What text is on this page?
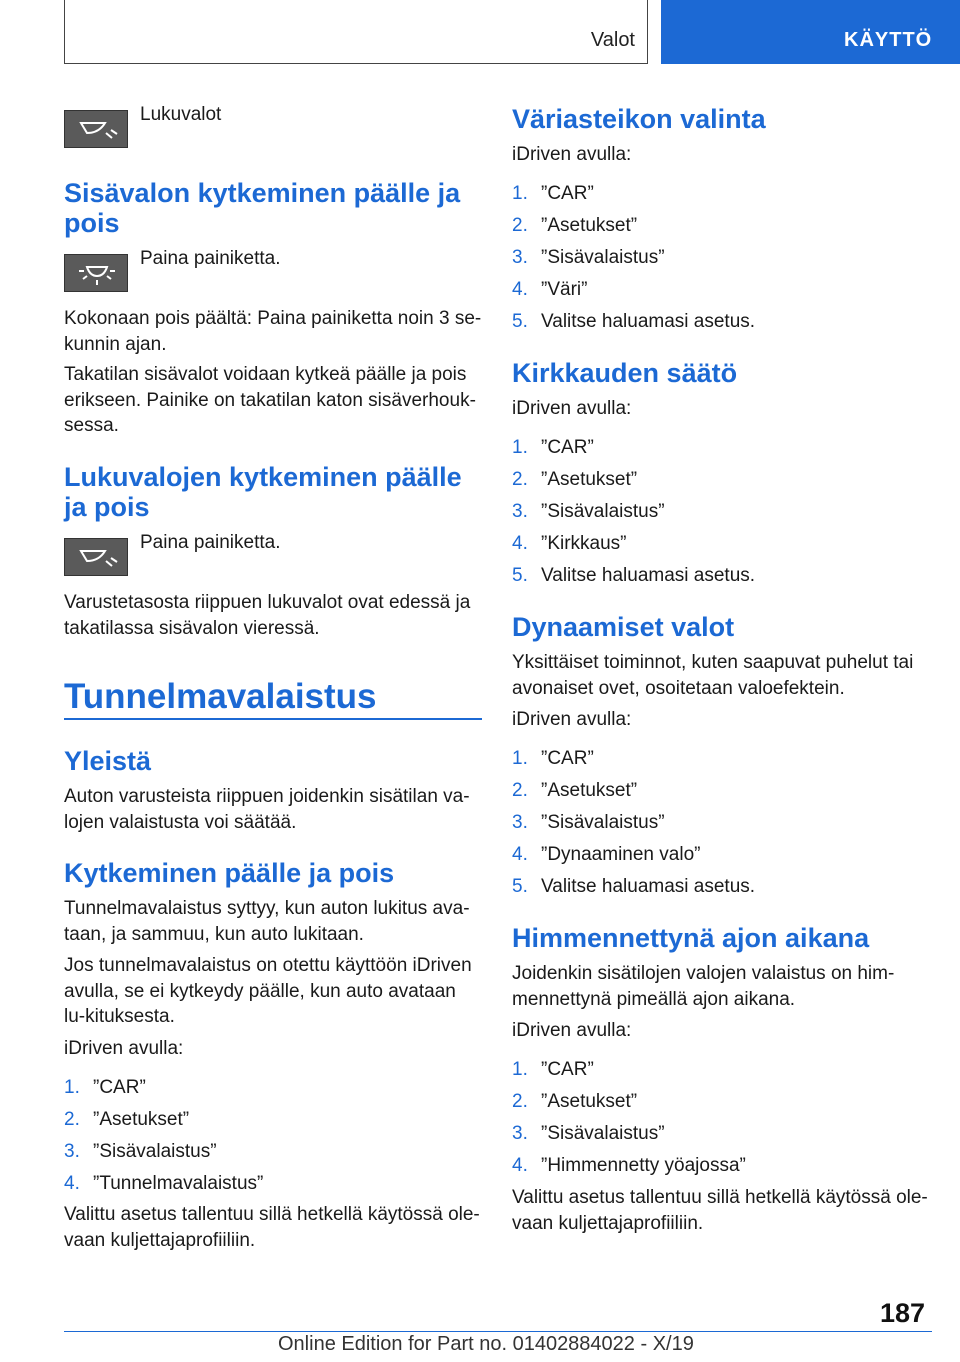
Valot	KÄYTTÖ
Lukuvalot

Sisävalon kytkeminen päälle ja pois

Paina painiketta.

Kokonaan pois päältä: Paina painiketta noin 3 se-kunnin ajan.

Takatilan sisävalot voidaan kytkeä päälle ja pois erikseen. Painike on takatilan katon sisäverhouk-sessa.

Lukuvalojen kytkeminen päälle ja pois

Paina painiketta.

Varustetasosta riippuen lukuvalot ovat edessä ja takatilassa sisävalon vieressä.

Tunnelmavalaistus

Yleistä

Auton varusteista riippuen joidenkin sisätilan va-lojen valaistusta voi säätää.

Kytkeminen päälle ja pois

Tunnelmavalaistus syttyy, kun auton lukitus ava-taan, ja sammuu, kun auto lukitaan.

Jos tunnelmavalaistus on otettu käyttöön iDriven avulla, se ei kytkeydy päälle, kun auto avataan lu-kituksesta.

iDriven avulla:

1. ”CAR”
2. ”Asetukset”
3. ”Sisävalaistus”
4. ”Tunnelmavalaistus”

Valittu asetus tallentuu sillä hetkellä käytössä ole-vaan kuljettajaprofiiliin.

Väriasteikon valinta

iDriven avulla:

1. ”CAR”
2. ”Asetukset”
3. ”Sisävalaistus”
4. ”Väri”
5. Valitse haluamasi asetus.

Kirkkauden säätö

iDriven avulla:

1. ”CAR”
2. ”Asetukset”
3. ”Sisävalaistus”
4. ”Kirkkaus”
5. Valitse haluamasi asetus.

Dynaamiset valot

Yksittäiset toiminnot, kuten saapuvat puhelut tai avonaiset ovet, osoitetaan valoefektein.

iDriven avulla:

1. ”CAR”
2. ”Asetukset”
3. ”Sisävalaistus”
4. ”Dynaaminen valo”
5. Valitse haluamasi asetus.

Himmennettynä ajon aikana

Joidenkin sisätilojen valojen valaistus on him-mennettynä pimeällä ajon aikana.

iDriven avulla:

1. ”CAR”
2. ”Asetukset”
3. ”Sisävalaistus”
4. ”Himmennetty yöajossa”

Valittu asetus tallentuu sillä hetkellä käytössä ole-vaan kuljettajaprofiiliin.

187
Online Edition for Part no. 01402884022 - X/19
